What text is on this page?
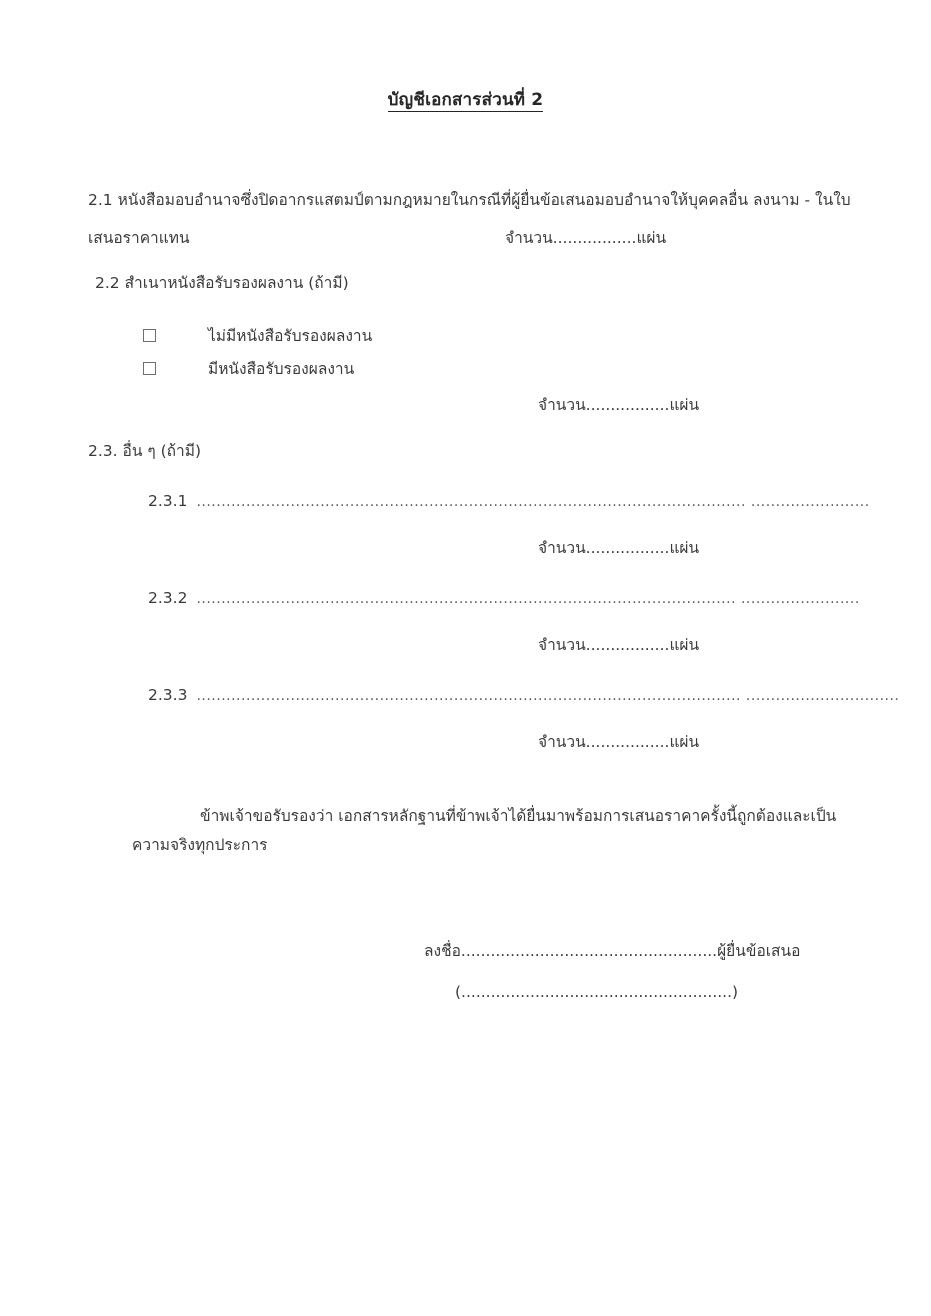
บัญชีเอกสารส่วนที่ 2
2.1 หนังสือมอบอำนาจซึ่งปิดอากรแสตมป์ตามกฎหมายในกรณีที่ผู้ยื่นข้อเสนอมอบอำนาจให้บุคคลอื่น ลงนาม - ในใบ
เสนอราคาแทน	จำนวน.................แผ่น
2.2 สำเนาหนังสือรับรองผลงาน (ถ้ามี)
ไม่มีหนังสือรับรองผลงาน
มีหนังสือรับรองผลงาน
จำนวน.................แผ่น
2.3. อื่น ๆ (ถ้ามี)
2.3.1 ............................................................................................................... ........................
จำนวน.................แผ่น
2.3.2 ............................................................................................................. ........................
จำนวน.................แผ่น
2.3.3 .............................................................................................................. ...............................
จำนวน.................แผ่น
ข้าพเจ้าขอรับรองว่า เอกสารหลักฐานที่ข้าพเจ้าได้ยื่นมาพร้อมการเสนอราคาครั้งนี้ถูกต้องและเป็นความจริงทุกประการ
ลงชื่อ....................................................ผู้ยื่นข้อเสนอ
(.......................................................)
